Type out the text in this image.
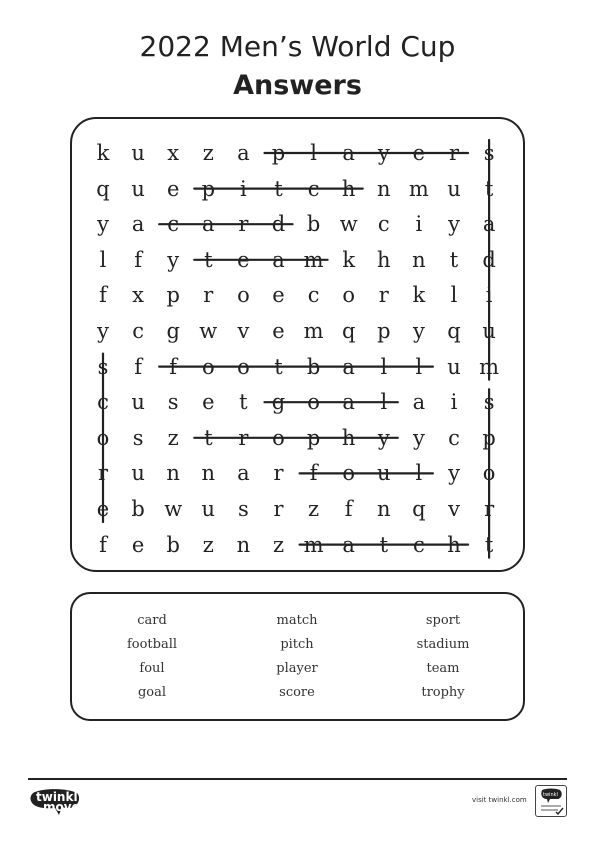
2022 Men’s World Cup
Answers
k	u	x	z	a	p	l	a	y	e	r	s
q	u	e	p	i	t	c	h	n m u	t
y	a	c	a	r	d	b w c	i	y	a
l	f	y	t	e	a m k	h	n	t	d
f	x	p	r	o	e	c	o	r	k	l	i
y	c	g w v	e m q	p	y	q	u
s	f	f	o	o	t	b	a	l	l	u m
c	u	s	e	t	g	o	a	l	a	i	s
o	s	z	t	r	o	p	h	y	y	c	p
r	u	n	n	a	r	f	o	u	l	y	o
e	b w u	s	r	z	f	n	q	v	r
f	e	b	z	n	z m a	t	c	h	t
card	match	sport
football	pitch	stadium
foul	player	team
goal	score	trophy
twinkl
move	visit twinkl.com
twinkl
